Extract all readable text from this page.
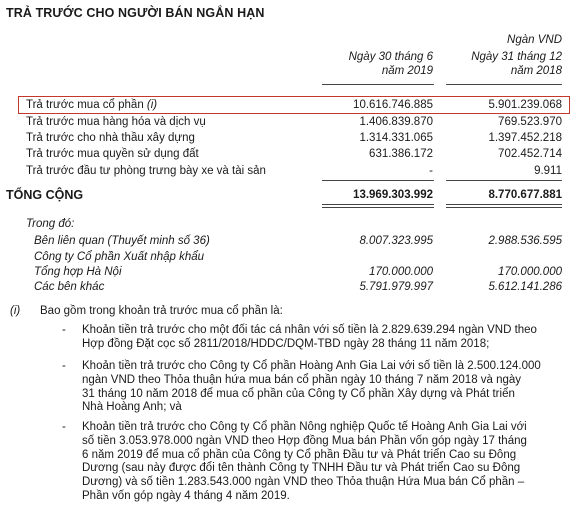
TRẢ TRƯỚC CHO NGƯỜI BÁN NGẮN HẠN
Ngàn VND
Ngày 30 tháng 6
năm 2019
Ngày 31 tháng 12
năm 2018
Trả trước mua cổ phần (i)	10.616.746.885	5.901.239.068
Trả trước mua hàng hóa và dịch vụ	1.406.839.870	769.523.970
Trả trước cho nhà thầu xây dựng	1.314.331.065	1.397.452.218
Trả trước mua quyền sử dụng đất	631.386.172	702.452.714
Trả trước đầu tư phòng trưng bày xe và tài sản	-	9.911
TỔNG CỘNG	13.969.303.992	8.770.677.881
Trong đó:
Bên liên quan (Thuyết minh số 36)	8.007.323.995	2.988.536.595
Công ty Cổ phần Xuất nhập khẩu
Tổng hợp Hà Nội	170.000.000	170.000.000
Các bên khác	5.791.979.997	5.612.141.286
(i) Bao gồm trong khoản trả trước mua cổ phần là:
- Khoản tiền trả trước cho một đối tác cá nhân với số tiền là 2.829.639.294 ngàn VND theo
Hợp đồng Đặt cọc số 2811/2018/HDDC/DQM-TBD ngày 28 tháng 11 năm 2018;
- Khoản tiền trả trước cho Công ty Cổ phần Hoàng Anh Gia Lai với số tiền là 2.500.124.000
ngàn VND theo Thỏa thuận hứa mua bán cổ phần ngày 10 tháng 7 năm 2018 và ngày
31 tháng 10 năm 2018 để mua cổ phần của Công ty Cổ phần Xây dựng và Phát triển
Nhà Hoàng Anh; và
- Khoản tiền trả trước cho Công ty Cổ phần Nông nghiệp Quốc tế Hoàng Anh Gia Lai với
số tiền 3.053.978.000 ngàn VND theo Hợp đồng Mua bán Phần vốn góp ngày 17 tháng
6 năm 2019 để mua cổ phần của Công ty Cổ phần Đầu tư và Phát triển Cao su Đông
Dương (sau này được đổi tên thành Công ty TNHH Đầu tư và Phát triển Cao su Đông
Dương) và số tiền 1.283.543.000 ngàn VND theo Thỏa thuận Hứa Mua bán Cổ phần –
Phần vốn góp ngày 4 tháng 4 năm 2019.
